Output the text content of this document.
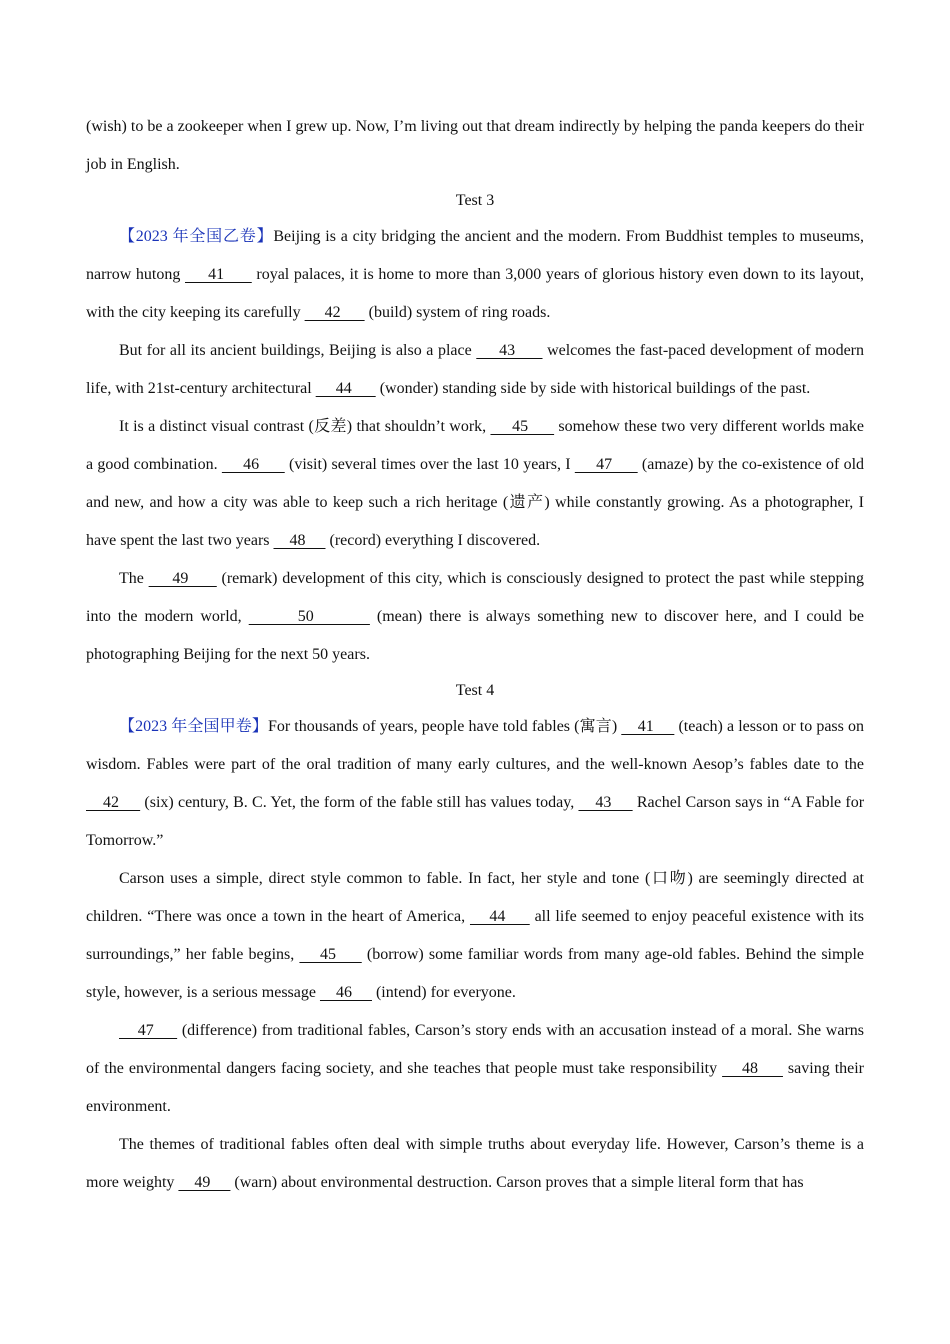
(wish) to be a zookeeper when I grew up. Now, I’m living out that dream indirectly by helping the panda keepers do their job in English.

Test 3

【2023 年全国乙卷】Beijing is a city bridging the ancient and the modern. From Buddhist temples to museums, narrow hutong      41       royal palaces, it is home to more than 3,000 years of glorious history even down to its layout, with the city keeping its carefully      42       (build) system of ring roads.

But for all its ancient buildings, Beijing is also a place      43       welcomes the fast-paced development of modern life, with 21st-century architectural      44       (wonder) standing side by side with historical buildings of the past.

It is a distinct visual contrast (反差) that shouldn’t work,      45       somehow these two very different worlds make a good combination.      46       (visit) several times over the last 10 years, I      47       (amaze) by the co-existence of old and new, and how a city was able to keep such a rich heritage (遗产) while constantly growing. As a photographer, I have spent the last two years     48      (record) everything I discovered.

The      49       (remark) development of this city, which is consciously designed to protect the past while stepping into the modern world,        50         (mean) there is always something new to discover here, and I could be photographing Beijing for the next 50 years.

Test 4

【2023 年全国甲卷】For thousands of years, people have told fables (寓言)     41      (teach) a lesson or to pass on wisdom. Fables were part of the oral tradition of many early cultures, and the well-known Aesop’s fables date to the     42      (six) century, B. C. Yet, the form of the fable still has values today,     43      Rachel Carson says in “A Fable for Tomorrow.”

Carson uses a simple, direct style common to fable. In fact, her style and tone (口吻) are seemingly directed at children. “There was once a town in the heart of America,     44      all life seemed to enjoy peaceful existence with its surroundings,” her fable begins,     45      (borrow) some familiar words from many age-old fables. Behind the simple style, however, is a serious message     46      (intend) for everyone.

47      (difference) from traditional fables, Carson’s story ends with an accusation instead of a moral. She warns of the environmental dangers facing society, and she teaches that people must take responsibility     48      saving their environment.

The themes of traditional fables often deal with simple truths about everyday life. However, Carson’s theme is a more weighty     49      (warn) about environmental destruction. Carson proves that a simple literal form that has
